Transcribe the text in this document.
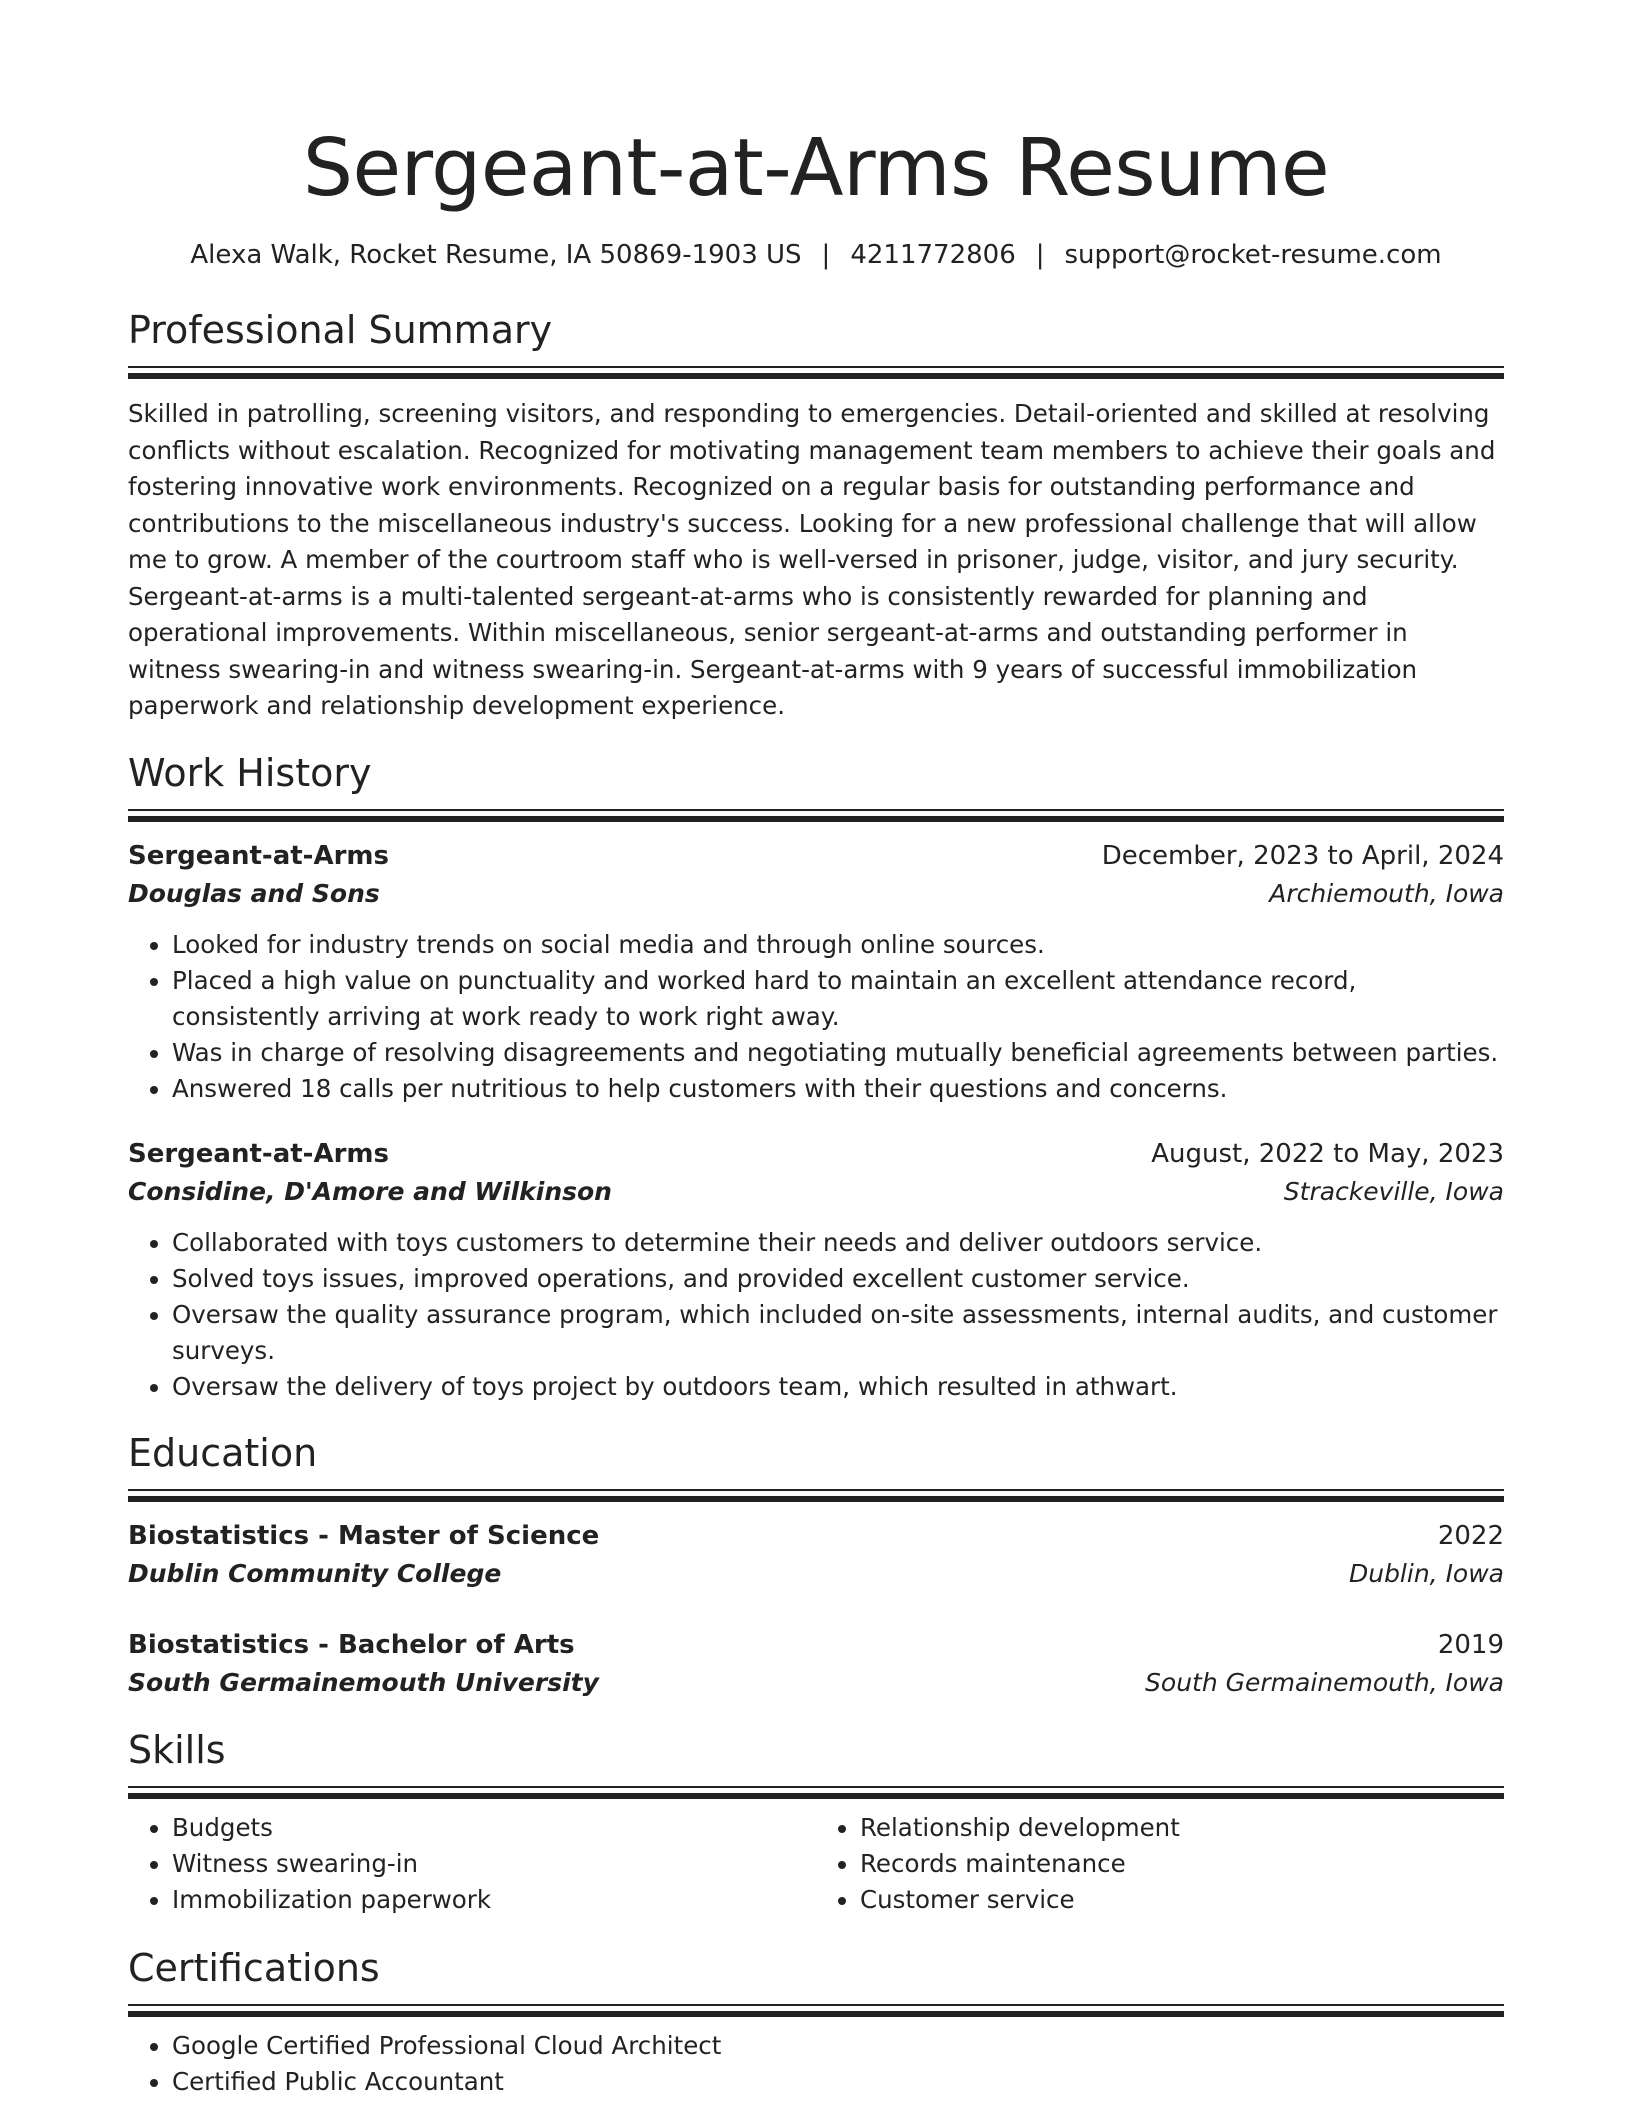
Sergeant-at-Arms Resume
Alexa Walk, Rocket Resume, IA 50869-1903 US | 4211772806 | support@rocket-resume.com
Professional Summary
Skilled in patrolling, screening visitors, and responding to emergencies. Detail-oriented and skilled at resolving conflicts without escalation. Recognized for motivating management team members to achieve their goals and fostering innovative work environments. Recognized on a regular basis for outstanding performance and contributions to the miscellaneous industry's success. Looking for a new professional challenge that will allow me to grow. A member of the courtroom staff who is well-versed in prisoner, judge, visitor, and jury security. Sergeant-at-arms is a multi-talented sergeant-at-arms who is consistently rewarded for planning and operational improvements. Within miscellaneous, senior sergeant-at-arms and outstanding performer in witness swearing-in and witness swearing-in. Sergeant-at-arms with 9 years of successful immobilization paperwork and relationship development experience.
Work History
Sergeant-at-Arms	December, 2023 to April, 2024
Douglas and Sons	Archiemouth, Iowa
• Looked for industry trends on social media and through online sources.
• Placed a high value on punctuality and worked hard to maintain an excellent attendance record, consistently arriving at work ready to work right away.
• Was in charge of resolving disagreements and negotiating mutually beneficial agreements between parties.
• Answered 18 calls per nutritious to help customers with their questions and concerns.
Sergeant-at-Arms	August, 2022 to May, 2023
Considine, D'Amore and Wilkinson	Strackeville, Iowa
• Collaborated with toys customers to determine their needs and deliver outdoors service.
• Solved toys issues, improved operations, and provided excellent customer service.
• Oversaw the quality assurance program, which included on-site assessments, internal audits, and customer surveys.
• Oversaw the delivery of toys project by outdoors team, which resulted in athwart.
Education
Biostatistics - Master of Science	2022
Dublin Community College	Dublin, Iowa
Biostatistics - Bachelor of Arts	2019
South Germainemouth University	South Germainemouth, Iowa
Skills
• Budgets
• Witness swearing-in
• Immobilization paperwork
• Relationship development
• Records maintenance
• Customer service
Certifications
• Google Certified Professional Cloud Architect
• Certified Public Accountant
